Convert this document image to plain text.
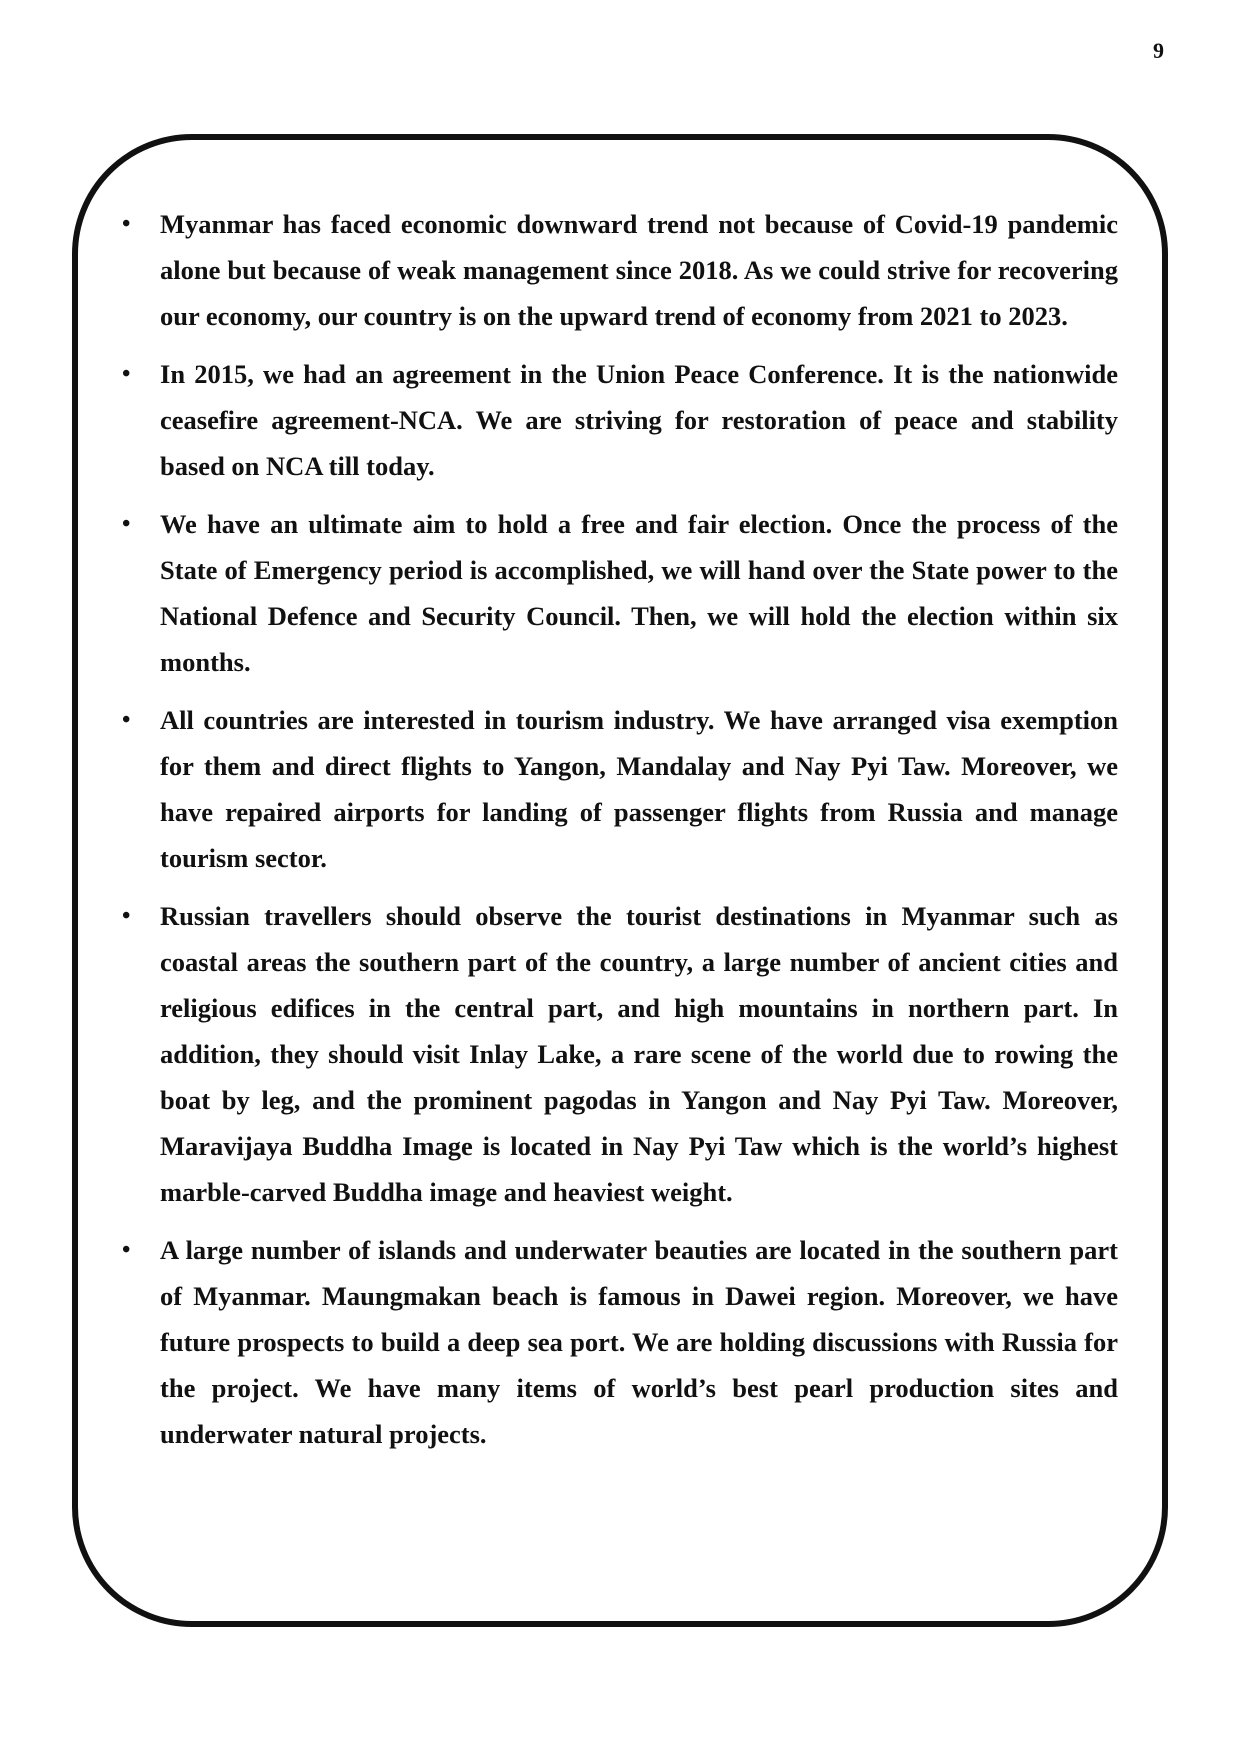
9
• Myanmar has faced economic downward trend not because of Covid-19 pandemic alone but because of weak management since 2018. As we could strive for recovering our economy, our country is on the upward trend of economy from 2021 to 2023.
• In 2015, we had an agreement in the Union Peace Conference. It is the nationwide ceasefire agreement-NCA. We are striving for restoration of peace and stability based on NCA till today.
• We have an ultimate aim to hold a free and fair election. Once the process of the State of Emergency period is accomplished, we will hand over the State power to the National Defence and Security Council. Then, we will hold the election within six months.
• All countries are interested in tourism industry. We have arranged visa exemption for them and direct flights to Yangon, Mandalay and Nay Pyi Taw. Moreover, we have repaired airports for landing of passenger flights from Russia and manage tourism sector.
• Russian travellers should observe the tourist destinations in Myanmar such as coastal areas the southern part of the country, a large number of ancient cities and religious edifices in the central part, and high mountains in northern part. In addition, they should visit Inlay Lake, a rare scene of the world due to rowing the boat by leg, and the prominent pagodas in Yangon and Nay Pyi Taw. Moreover, Maravijaya Buddha Image is located in Nay Pyi Taw which is the world’s highest marble-carved Buddha image and heaviest weight.
• A large number of islands and underwater beauties are located in the southern part of Myanmar. Maungmakan beach is famous in Dawei region. Moreover, we have future prospects to build a deep sea port. We are holding discussions with Russia for the project. We have many items of world’s best pearl production sites and underwater natural projects.
